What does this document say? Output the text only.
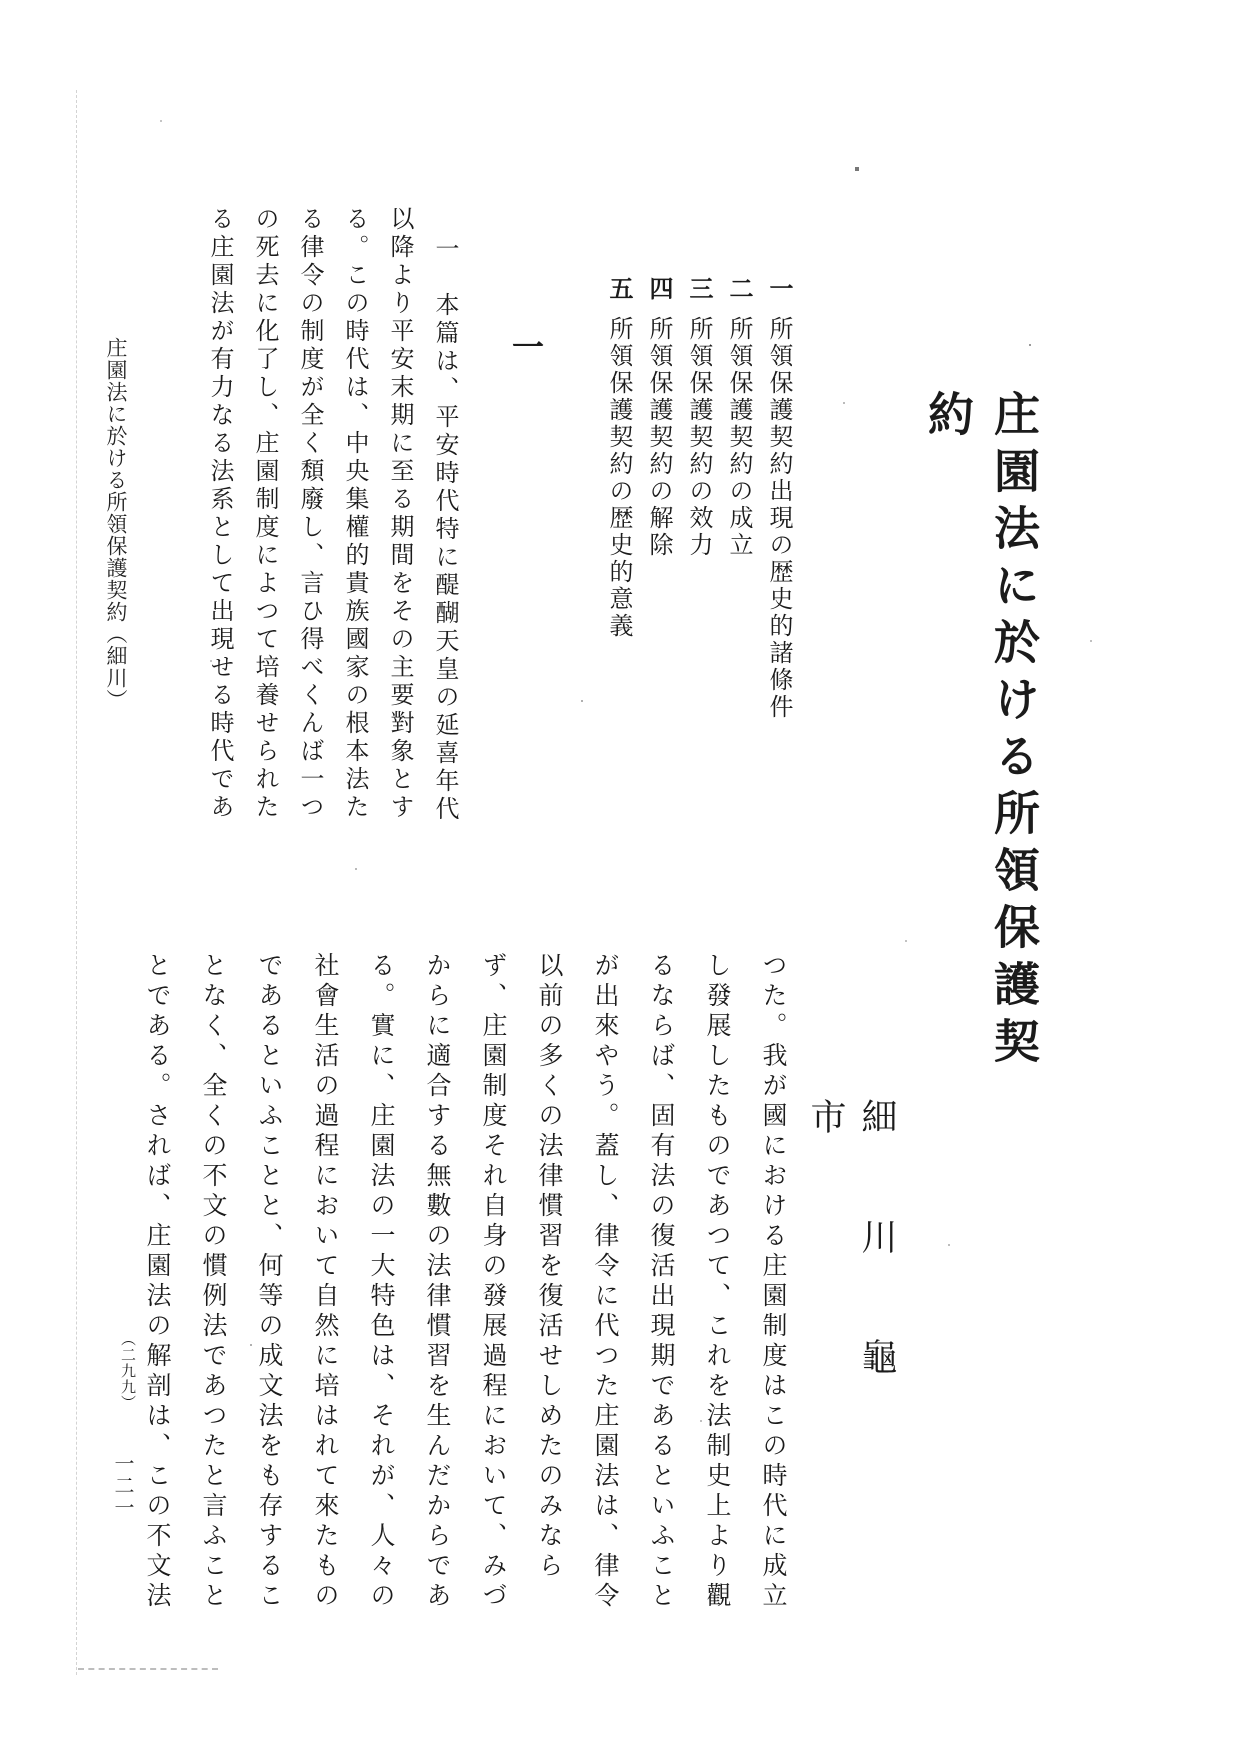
庄園法に於ける所領保護契約
細川龜市
一所領保護契約出現の歴史的諸條件
二所領保護契約の成立
三所領保護契約の效力
四所領保護契約の解除
五所領保護契約の歴史的意義
一
一　本篇は、平安時代特に醍醐天皇の延喜年代
以降より平安末期に至る期間をその主要對象とす
る。この時代は、中央集權的貴族國家の根本法た
る律令の制度が全く頽廢し、言ひ得べくんば一つ
の死去に化了し、庄園制度によつて培養せられた
る庄園法が有力なる法系として出現せる時代であ
つた。我が國における庄園制度はこの時代に成立
し發展したものであつて、これを法制史上より觀
るならば、固有法の復活出現期であるといふこと
が出來やう。蓋し、律令に代つた庄園法は、律令
以前の多くの法律慣習を復活せしめたのみなら
ず、庄園制度それ自身の發展過程において、みづ
からに適合する無數の法律慣習を生んだからであ
る。實に、庄園法の一大特色は、それが、人々の
社會生活の過程において自然に培はれて來たもの
であるといふことと、何等の成文法をも存するこ
となく、全くの不文の慣例法であつたと言ふこと
とである。されば、庄園法の解剖は、この不文法
庄園法に於ける所領保護契約（細川）
（二九九）
一二一
